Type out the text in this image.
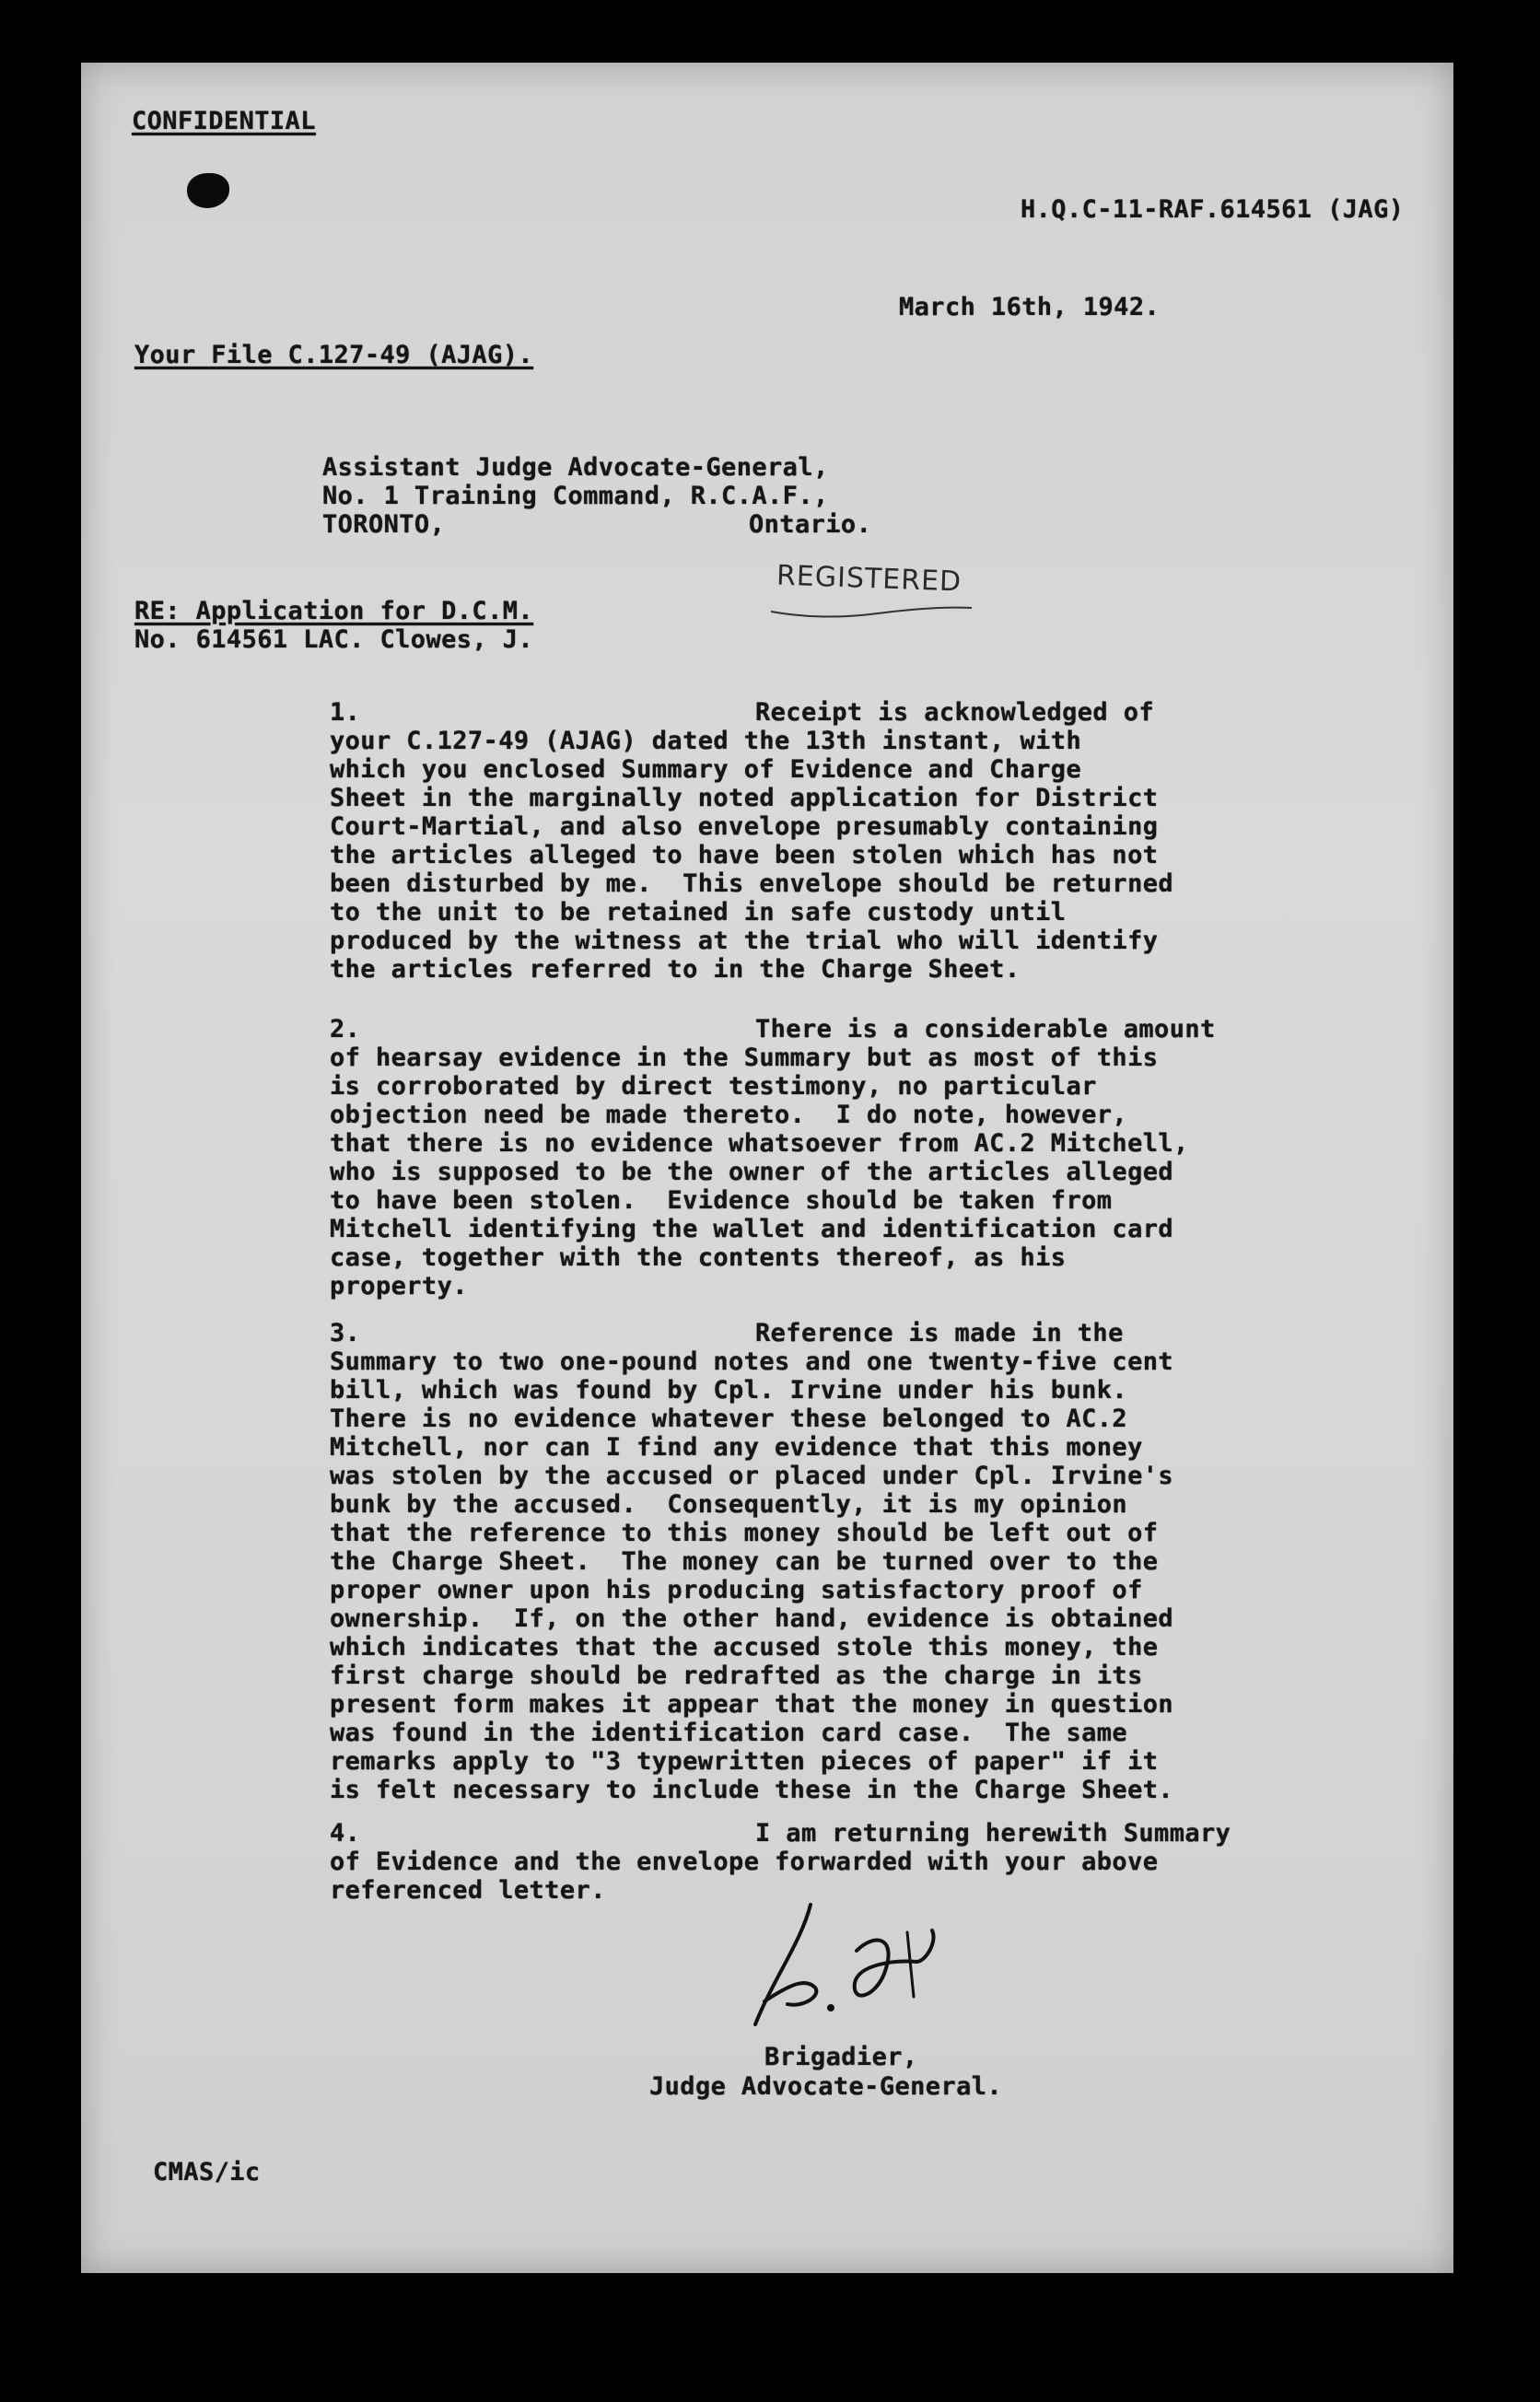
CONFIDENTIAL
H.Q.C-11-RAF.614561 (JAG)
March 16th, 1942.
Your File C.127-49 (AJAG).
Assistant Judge Advocate-General,
No. 1 Training Command, R.C.A.F.,
TORONTO,	Ontario.
REGISTERED
RE: Application for D.C.M.
No. 614561 LAC. Clowes, J.
1.	Receipt is acknowledged of
your C.127-49 (AJAG) dated the 13th instant, with
which you enclosed Summary of Evidence and Charge
Sheet in the marginally noted application for District
Court-Martial, and also envelope presumably containing
the articles alleged to have been stolen which has not
been disturbed by me.  This envelope should be returned
to the unit to be retained in safe custody until
produced by the witness at the trial who will identify
the articles referred to in the Charge Sheet.
2.	There is a considerable amount
of hearsay evidence in the Summary but as most of this
is corroborated by direct testimony, no particular
objection need be made thereto.  I do note, however,
that there is no evidence whatsoever from AC.2 Mitchell,
who is supposed to be the owner of the articles alleged
to have been stolen.  Evidence should be taken from
Mitchell identifying the wallet and identification card
case, together with the contents thereof, as his
property.
3.	Reference is made in the
Summary to two one-pound notes and one twenty-five cent
bill, which was found by Cpl. Irvine under his bunk.
There is no evidence whatever these belonged to AC.2
Mitchell, nor can I find any evidence that this money
was stolen by the accused or placed under Cpl. Irvine's
bunk by the accused.  Consequently, it is my opinion
that the reference to this money should be left out of
the Charge Sheet.  The money can be turned over to the
proper owner upon his producing satisfactory proof of
ownership.  If, on the other hand, evidence is obtained
which indicates that the accused stole this money, the
first charge should be redrafted as the charge in its
present form makes it appear that the money in question
was found in the identification card case.  The same
remarks apply to "3 typewritten pieces of paper" if it
is felt necessary to include these in the Charge Sheet.
4.	I am returning herewith Summary
of Evidence and the envelope forwarded with your above
referenced letter.
Brigadier,
Judge Advocate-General.
CMAS/ic
